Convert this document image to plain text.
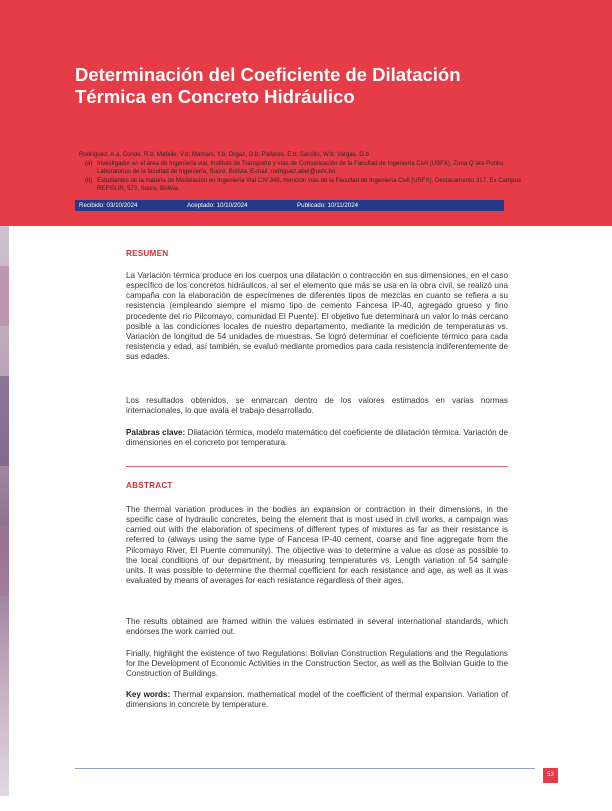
Determinación del Coeficiente de Dilatación
Térmica en Concreto Hidráulico
Rodríguez, A.a, Conde, R.b; Mafaile, V.b; Mamani, Y.b; Orgaz, O.b; Pallares, E.b; Sarcillo, W.b; Vargas, G.b
(a) Investigador en el área de Ingeniería vial, Instituto de Transporte y vías de Comunicación de la Facultad de Ingeniería Civil (USFX), Zona Q´ara Punku Laboratorios de la facultad de Ingeniería, Sucre, Bolivia. E-mail: rodriguez.abel@usfx.bo.
(b) Estudiantes de la materia de Modelación en Ingeniería Vial CIV-348, mención vías de la Facultad de Ingeniería Civil (USFX), Destacamento 317, Ex Campus REFISUR, 573, Sucre, Bolivia.
Recibido: 03/10/2024	Aceptado: 10/10/2024	Publicado: 10/11/2024
RESUMEN

La Variación térmica produce en los cuerpos una dilatación o contracción en sus dimensiones, en el caso específico de los concretos hidráulicos, al ser el elemento que más se usa en la obra civil, se realizó una campaña con la elaboración de especímenes de diferentes tipos de mezclas en cuanto se refiera a su resistencia (empleando siempre el mismo tipo de cemento Fancesa IP-40, agregado grueso y fino procedente del río Pilcomayo, comunidad El Puente). El objetivo fue determinará un valor lo más cercano posible a las condiciones locales de nuestro departamento, mediante la medición de temperaturas vs. Variación de longitud de 54 unidades de muestras. Se logró determinar el coeficiente térmico para cada resistencia y edad, así también, se evaluó mediante promedios para cada resistencia indiferentemente de sus edades.

Los resultados obtenidos, se enmarcan dentro de los valores estimados en varias normas internacionales, lo que avala el trabajo desarrollado.

Palabras clave: Dilatación térmica, modelo matemático del coeficiente de dilatación térmica. Variación de dimensiones en el concreto por temperatura.

ABSTRACT

The thermal variation produces in the bodies an expansion or contraction in their dimensions, in the specific case of hydraulic concretes, being the element that is most used in civil works, a campaign was carried out with the elaboration of specimens of different types of mixtures as far as their resistance is referred to (always using the same type of Fancesa IP-40 cement, coarse and fine aggregate from the Pilcomayo River, El Puente community). The objective was to determine a value as close as possible to the local conditions of our department, by measuring temperatures vs. Length variation of 54 sample units. It was possible to determine the thermal coefficient for each resistance and age, as well as it was evaluated by means of averages for each resistance regardless of their ages.

The results obtained are framed within the values estimated in several international standards, which endorses the work carried out.

Finally, highlight the existence of two Regulations: Bolivian Construction Regulations and the Regulations for the Development of Economic Activities in the Construction Sector, as well as the Bolivian Guide to the Construction of Buildings.

Key words: Thermal expansion, mathematical model of the coefficient of thermal expansion. Variation of dimensions in concrete by temperature.

53
